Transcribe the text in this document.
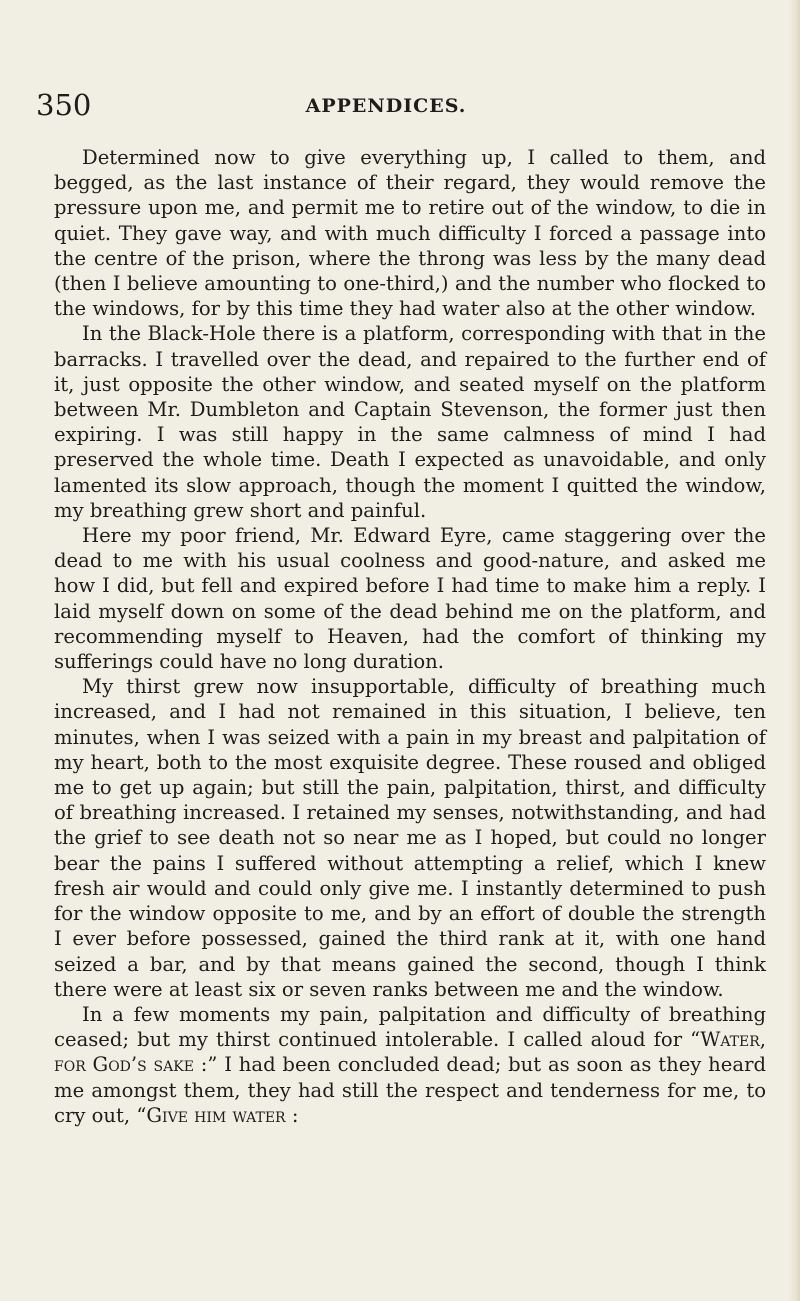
350	APPENDICES.

Determined now to give everything up, I called to them, and begged, as the last instance of their regard, they would remove the pressure upon me, and permit me to retire out of the window, to die in quiet. They gave way, and with much difficulty I forced a passage into the centre of the prison, where the throng was less by the many dead (then I believe amounting to one-third,) and the number who flocked to the windows, for by this time they had water also at the other window.

In the Black-Hole there is a platform, corresponding with that in the barracks. I travelled over the dead, and repaired to the further end of it, just opposite the other window, and seated myself on the platform between Mr. Dumbleton and Captain Stevenson, the former just then expiring. I was still happy in the same calmness of mind I had preserved the whole time. Death I expected as unavoidable, and only lamented its slow approach, though the moment I quitted the window, my breathing grew short and painful.

Here my poor friend, Mr. Edward Eyre, came staggering over the dead to me with his usual coolness and good-nature, and asked me how I did, but fell and expired before I had time to make him a reply. I laid myself down on some of the dead behind me on the platform, and recommending myself to Heaven, had the comfort of thinking my sufferings could have no long duration.

My thirst grew now insupportable, difficulty of breathing much increased, and I had not remained in this situation, I believe, ten minutes, when I was seized with a pain in my breast and palpitation of my heart, both to the most exquisite degree. These roused and obliged me to get up again; but still the pain, palpitation, thirst, and difficulty of breathing increased. I retained my senses, notwithstanding, and had the grief to see death not so near me as I hoped, but could no longer bear the pains I suffered without attempting a relief, which I knew fresh air would and could only give me. I instantly determined to push for the window opposite to me, and by an effort of double the strength I ever before possessed, gained the third rank at it, with one hand seized a bar, and by that means gained the second, though I think there were at least six or seven ranks between me and the window.

In a few moments my pain, palpitation and difficulty of breathing ceased; but my thirst continued intolerable. I called aloud for “Water, for God’s sake :” I had been concluded dead; but as soon as they heard me amongst them, they had still the respect and tenderness for me, to cry out, “Give him water :
